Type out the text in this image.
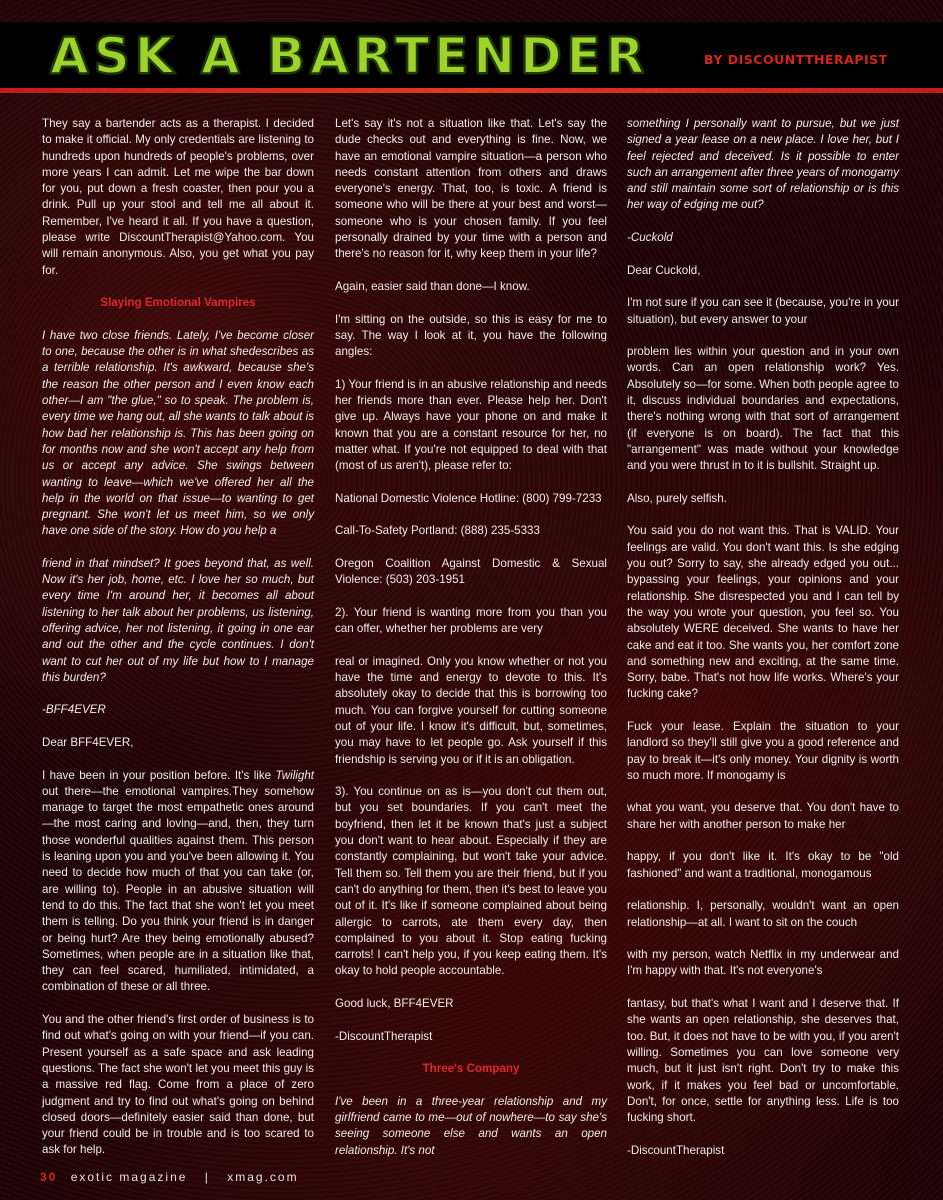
ASK A BARTENDER	BY DISCOUNTTHERAPIST

They say a bartender acts as a therapist. I decided to make it official. My only credentials are listening to hundreds upon hundreds of people's problems, over more years I can admit. Let me wipe the bar down for you, put down a fresh coaster, then pour you a drink. Pull up your stool and tell me all about it. Remember, I've heard it all. If you have a question, please write DiscountTherapist@Yahoo.com. You will remain anonymous. Also, you get what you pay for.

Slaying Emotional Vampires

I have two close friends. Lately, I've become closer to one, because the other is in what shedescribes as a terrible relationship. It's awkward, because she's the reason the other person and I even know each other—I am "the glue," so to speak. The problem is, every time we hang out, all she wants to talk about is how bad her relationship is. This has been going on for months now and she won't accept any help from us or accept any advice. She swings between wanting to leave—which we've offered her all the help in the world on that issue—to wanting to get pregnant. She won't let us meet him, so we only have one side of the story. How do you help a

friend in that mindset? It goes beyond that, as well. Now it's her job, home, etc. I love her so much, but every time I'm around her, it becomes all about listening to her talk about her problems, us listening, offering advice, her not listening, it going in one ear and out the other and the cycle continues. I don't want to cut her out of my life but how to I manage this burden?

-BFF4EVER

Dear BFF4EVER,

I have been in your position before. It's like Twilight out there—the emotional vampires.They somehow manage to target the most empathetic ones around—the most caring and loving—and, then, they turn those wonderful qualities against them. This person is leaning upon you and you've been allowing it. You need to decide how much of that you can take (or, are willing to). People in an abusive situation will tend to do this. The fact that she won't let you meet them is telling. Do you think your friend is in danger or being hurt? Are they being emotionally abused? Sometimes, when people are in a situation like that, they can feel scared, humiliated, intimidated, a combination of these or all three.

You and the other friend's first order of business is to find out what's going on with your friend—if you can. Present yourself as a safe space and ask leading questions. The fact she won't let you meet this guy is a massive red flag. Come from a place of zero judgment and try to find out what's going on behind closed doors—definitely easier said than done, but your friend could be in trouble and is too scared to ask for help.

Let's say it's not a situation like that. Let's say the dude checks out and everything is fine. Now, we have an emotional vampire situation—a person who needs constant attention from others and draws everyone's energy. That, too, is toxic. A friend is someone who will be there at your best and worst—someone who is your chosen family. If you feel personally drained by your time with a person and there's no reason for it, why keep them in your life?

Again, easier said than done—I know.

I'm sitting on the outside, so this is easy for me to say. The way I look at it, you have the following angles:

1) Your friend is in an abusive relationship and needs her friends more than ever. Please help her. Don't give up. Always have your phone on and make it known that you are a constant resource for her, no matter what. If you're not equipped to deal with that (most of us aren't), please refer to:

National Domestic Violence Hotline: (800) 799-7233

Call-To-Safety Portland: (888) 235-5333

Oregon Coalition Against Domestic & Sexual Violence: (503) 203-1951

2). Your friend is wanting more from you than you can offer, whether her problems are very

real or imagined. Only you know whether or not you have the time and energy to devote to this. It's absolutely okay to decide that this is borrowing too much. You can forgive yourself for cutting someone out of your life. I know it's difficult, but, sometimes, you may have to let people go. Ask yourself if this friendship is serving you or if it is an obligation.

3). You continue on as is—you don't cut them out, but you set boundaries. If you can't meet the boyfriend, then let it be known that's just a subject you don't want to hear about. Especially if they are constantly complaining, but won't take your advice. Tell them so. Tell them you are their friend, but if you can't do anything for them, then it's best to leave you out of it. It's like if someone complained about being allergic to carrots, ate them every day, then complained to you about it. Stop eating fucking carrots! I can't help you, if you keep eating them. It's okay to hold people accountable.

Good luck, BFF4EVER

-DiscountTherapist

Three's Company

I've been in a three-year relationship and my girlfriend came to me—out of nowhere—to say she's seeing someone else and wants an open relationship. It's not

something I personally want to pursue, but we just signed a year lease on a new place. I love her, but I feel rejected and deceived. Is it possible to enter such an arrangement after three years of monogamy and still maintain some sort of relationship or is this her way of edging me out?

-Cuckold

Dear Cuckold,

I'm not sure if you can see it (because, you're in your situation), but every answer to your

problem lies within your question and in your own words. Can an open relationship work? Yes. Absolutely so—for some. When both people agree to it, discuss individual boundaries and expectations, there's nothing wrong with that sort of arrangement (if everyone is on board). The fact that this "arrangement" was made without your knowledge and you were thrust in to it is bullshit. Straight up.

Also, purely selfish.

You said you do not want this. That is VALID. Your feelings are valid. You don't want this. Is she edging you out? Sorry to say, she already edged you out... bypassing your feelings, your opinions and your relationship. She disrespected you and I can tell by the way you wrote your question, you feel so. You absolutely WERE deceived. She wants to have her cake and eat it too. She wants you, her comfort zone and something new and exciting, at the same time. Sorry, babe. That's not how life works. Where's your fucking cake?

Fuck your lease. Explain the situation to your landlord so they'll still give you a good reference and pay to break it—it's only money. Your dignity is worth so much more. If monogamy is

what you want, you deserve that. You don't have to share her with another person to make her

happy, if you don't like it. It's okay to be "old fashioned" and want a traditional, monogamous

relationship. I, personally, wouldn't want an open relationship—at all. I want to sit on the couch

with my person, watch Netflix in my underwear and I'm happy with that. It's not everyone's

fantasy, but that's what I want and I deserve that. If she wants an open relationship, she deserves that, too. But, it does not have to be with you, if you aren't willing. Sometimes you can love someone very much, but it just isn't right. Don't try to make this work, if it makes you feel bad or uncomfortable. Don't, for once, settle for anything less. Life is too fucking short.

-DiscountTherapist

30 exotic magazine | xmag.com
